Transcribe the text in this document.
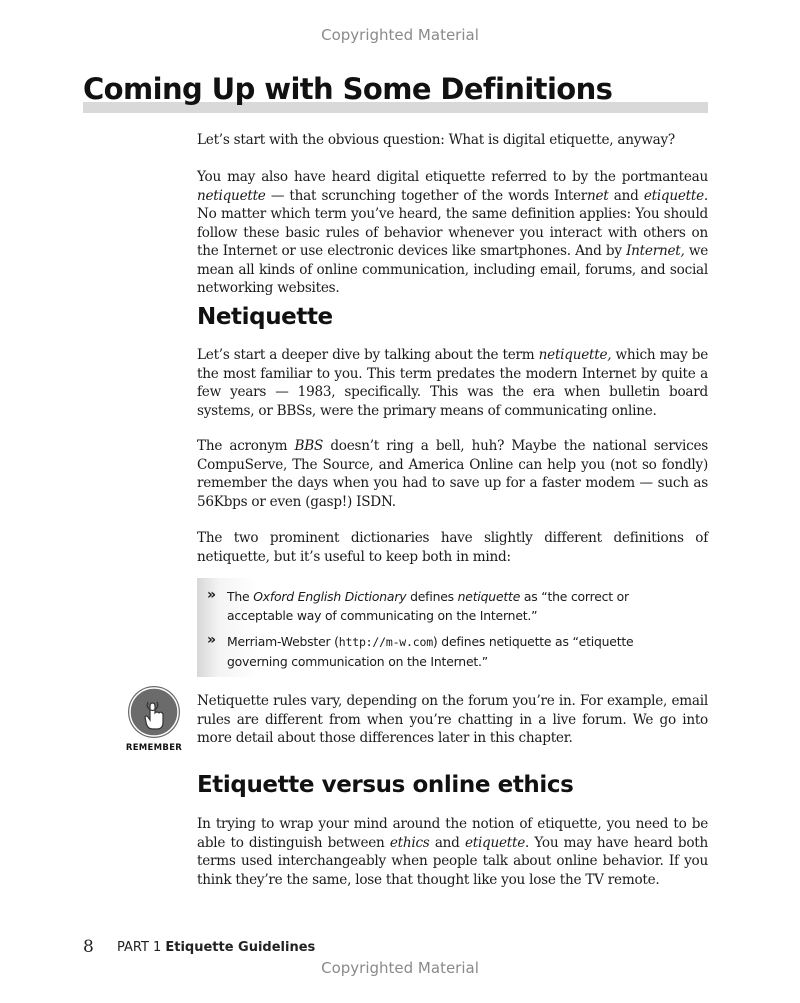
Copyrighted Material
Coming Up with Some Definitions

Let’s start with the obvious question: What is digital etiquette, anyway?

You may also have heard digital etiquette referred to by the portmanteau netiquette — that scrunching together of the words Internet and etiquette. No matter which term you’ve heard, the same definition applies: You should follow these basic rules of behavior whenever you interact with others on the Internet or use electronic devices like smartphones. And by Internet, we mean all kinds of online communication, including email, forums, and social networking websites.

Netiquette

Let’s start a deeper dive by talking about the term netiquette, which may be the most familiar to you. This term predates the modern Internet by quite a few years — 1983, specifically. This was the era when bulletin board systems, or BBSs, were the primary means of communicating online.

The acronym BBS doesn’t ring a bell, huh? Maybe the national services CompuServe, The Source, and America Online can help you (not so fondly) remember the days when you had to save up for a faster modem — such as 56Kbps or even (gasp!) ISDN.

The two prominent dictionaries have slightly different definitions of netiquette, but it’s useful to keep both in mind:

» The Oxford English Dictionary defines netiquette as “the correct or acceptable way of communicating on the Internet.”
» Merriam-Webster (http://m-w.com) defines netiquette as “etiquette governing communication on the Internet.”
REMEMBER

Netiquette rules vary, depending on the forum you’re in. For example, email rules are different from when you’re chatting in a live forum. We go into more detail about those differences later in this chapter.

Etiquette versus online ethics

In trying to wrap your mind around the notion of etiquette, you need to be able to distinguish between ethics and etiquette. You may have heard both terms used interchangeably when people talk about online behavior. If you think they’re the same, lose that thought like you lose the TV remote.

8 PART 1 Etiquette Guidelines
Copyrighted Material
